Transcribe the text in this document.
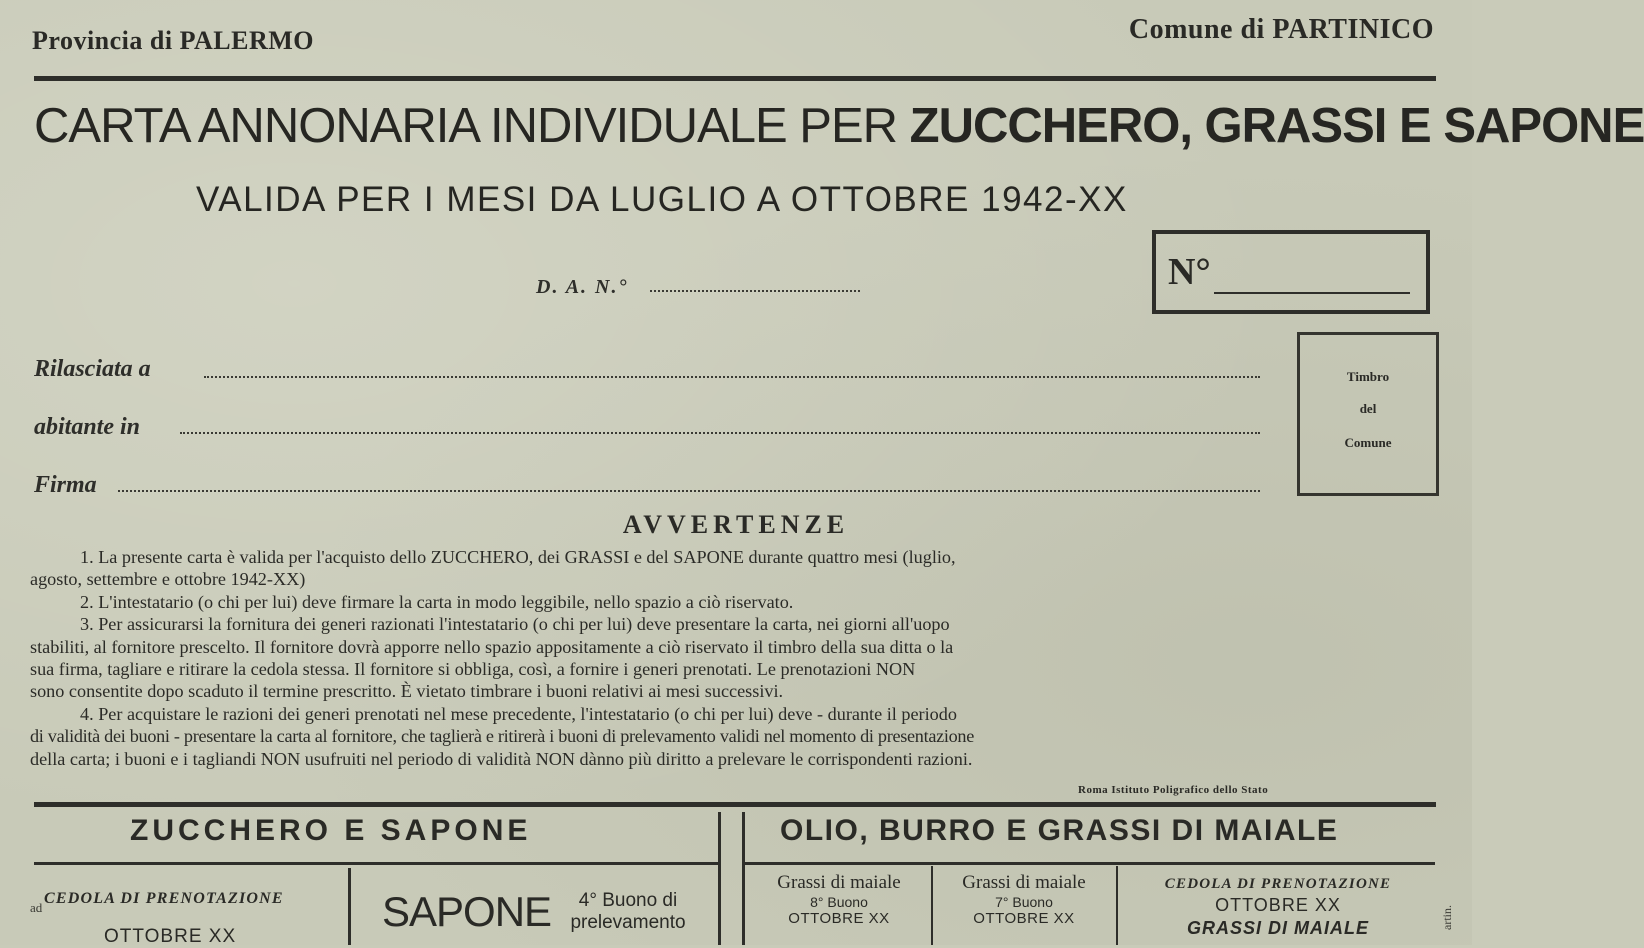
Provincia di PALERMO	Comune di PARTINICO
CARTA ANNONARIA INDIVIDUALE PER ZUCCHERO, GRASSI E SAPONE
VALIDA PER I MESI DA LUGLIO A OTTOBRE 1942-XX
N°
D. A. N.°
Timbro
del
Comune
Rilasciata a
abitante in
Firma
AVVERTENZE

1. La presente carta è valida per l'acquisto dello ZUCCHERO, dei GRASSI e del SAPONE durante quattro mesi (luglio,

agosto, settembre e ottobre 1942-XX)

2. L'intestatario (o chi per lui) deve firmare la carta in modo leggibile, nello spazio a ciò riservato.

3. Per assicurarsi la fornitura dei generi razionati l'intestatario (o chi per lui) deve presentare la carta, nei giorni all'uopo

stabiliti, al fornitore prescelto. Il fornitore dovrà apporre nello spazio appositamente a ciò riservato il timbro della sua ditta o la

sua firma, tagliare e ritirare la cedola stessa. Il fornitore si obbliga, così, a fornire i generi prenotati. Le prenotazioni NON

sono consentite dopo scaduto il termine prescritto. È vietato timbrare i buoni relativi ai mesi successivi.

4. Per acquistare le razioni dei generi prenotati nel mese precedente, l'intestatario (o chi per lui) deve - durante il periodo

di validità dei buoni - presentare la carta al fornitore, che taglierà e ritirerà i buoni di prelevamento validi nel momento di presentazione

della carta; i buoni e i tagliandi NON usufruiti nel periodo di validità NON dànno più diritto a prelevare le corrispondenti razioni.

Roma Istituto Poligrafico dello Stato
ZUCCHERO E SAPONE	OLIO, BURRO E GRASSI DI MAIALE
ad
CEDOLA DI PRENOTAZIONE
OTTOBRE XX
SAPONE	4° Buono di
prelevamento
Grassi di maiale
8° Buono
OTTOBRE XX
Grassi di maiale
7° Buono
OTTOBRE XX
CEDOLA DI PRENOTAZIONE
OTTOBRE XX
GRASSI DI MAIALE	artin.
